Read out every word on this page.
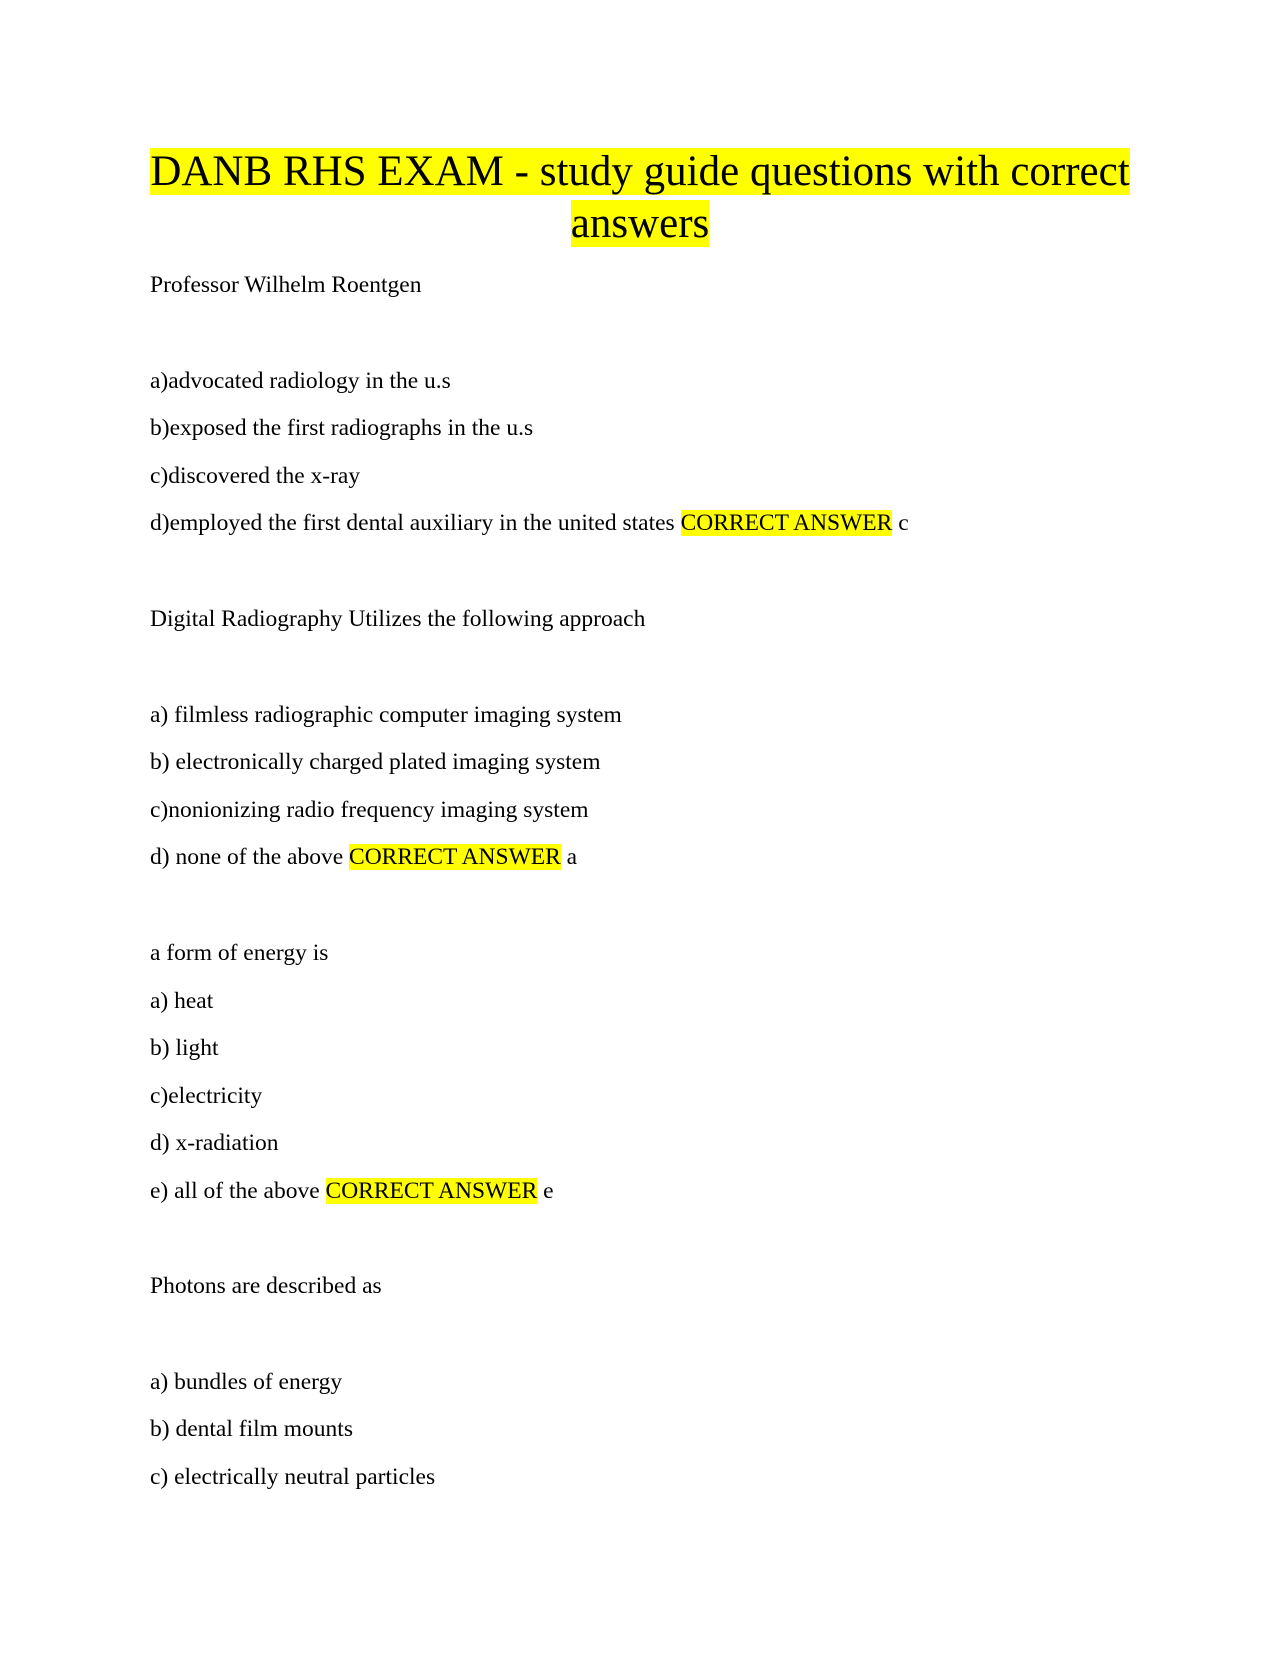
DANB RHS EXAM - study guide questions with correct answers

Professor Wilhelm Roentgen

a)advocated radiology in the u.s

b)exposed the first radiographs in the u.s

c)discovered the x-ray

d)employed the first dental auxiliary in the united states CORRECT ANSWER c

Digital Radiography Utilizes the following approach

a) filmless radiographic computer imaging system

b) electronically charged plated imaging system

c)nonionizing radio frequency imaging system

d) none of the above CORRECT ANSWER a

a form of energy is

a) heat

b) light

c)electricity

d) x-radiation

e) all of the above CORRECT ANSWER e

Photons are described as

a) bundles of energy

b) dental film mounts

c) electrically neutral particles
